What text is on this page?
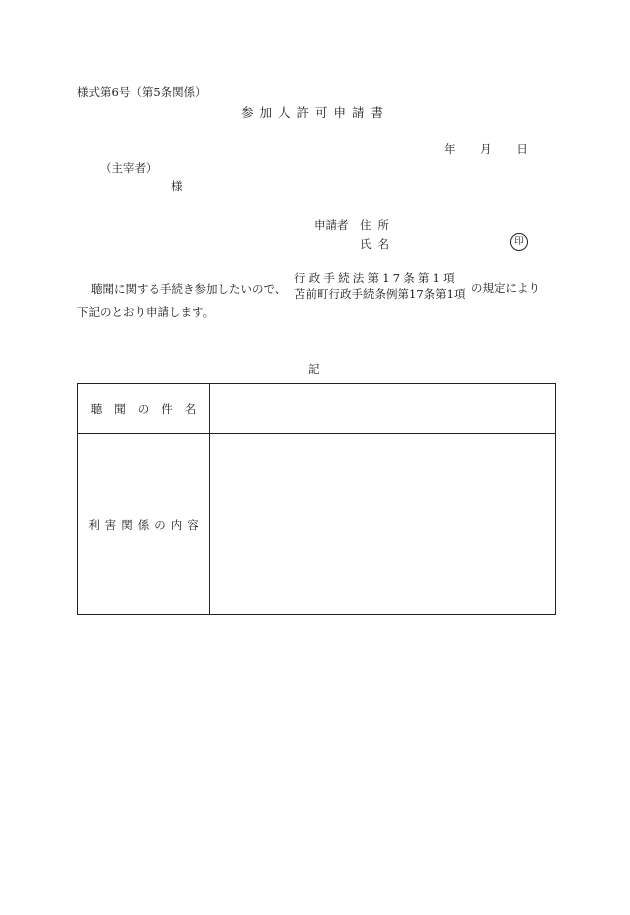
様式第6号（第5条関係）
参加人許可申請書
年 月 日
（主宰者）
様
申請者 住所
氏名	印
聴聞に関する手続き参加したいので、
行政手続法第17条第1項
苫前町行政手続条例第17条第1項 の規定により
下記のとおり申請します。
記
聴聞の件名
利害関係の内容
